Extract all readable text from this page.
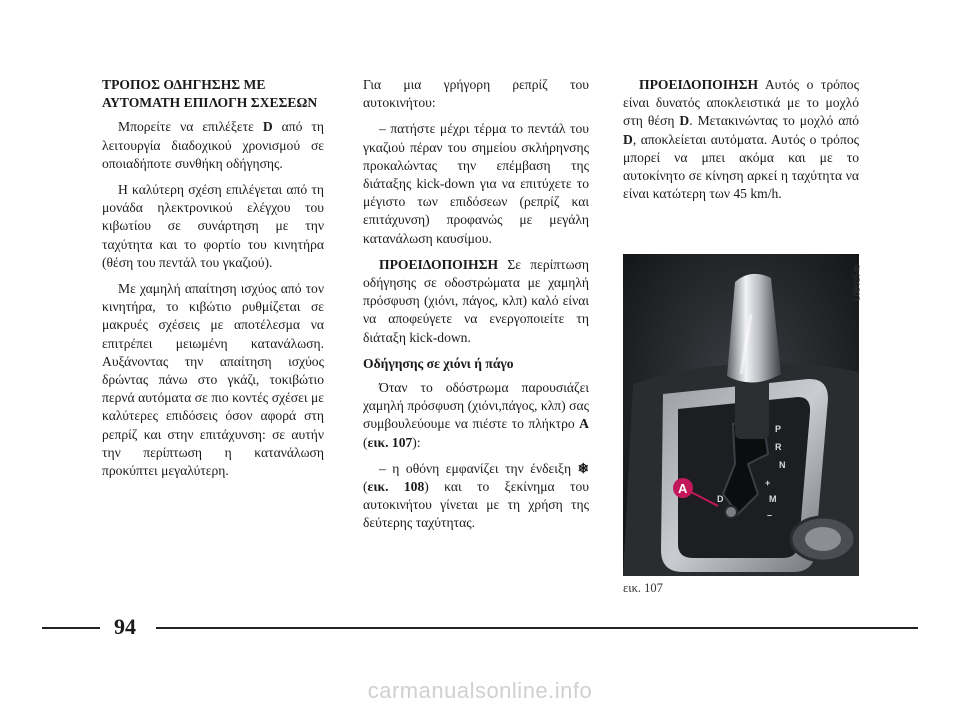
ΤΡΟΠΟΣ ΟΔΗΓΗΣΗΣ ΜΕ
ΑΥΤΟΜΑΤΗ ΕΠΙΛΟΓΗ ΣΧΕΣΕΩΝ

Μπορείτε να επιλέξετε D από τη λειτουργία διαδοχικού χρονισμού σε οποιαδήποτε συνθήκη οδήγησης.

Η καλύτερη σχέση επιλέγεται από τη μονάδα ηλεκτρονικού ελέγχου του κιβωτίου σε συνάρτηση με την ταχύτητα και το φορτίο του κινητήρα (θέση του πεντάλ του γκαζιού).

Με χαμηλή απαίτηση ισχύος από τον κινητήρα, το κιβώτιο ρυθμίζεται σε μακρυές σχέσεις με αποτέλεσμα να επιτρέπει μειωμένη κατανάλωση. Αυξάνοντας την απαίτηση ισχύος δρώντας πάνω στο γκάζι, τοκιβώτιο περνά αυτόματα σε πιο κοντές σχέσει με καλύτερες επιδόσεις όσον αφορά στη ρεπρίζ και στην επιτάχυνση: σε αυτήν την περίπτωση η κατανάλωση προκύπτει μεγαλύτερη.

Για μια γρήγορη ρεπρίζ του αυτοκινήτου:

– πατήστε μέχρι τέρμα το πεντάλ του γκαζιού πέραν του σημείου σκλήρηνσης προκαλώντας την επέμβαση της διάταξης kick-down για να επιτύχετε το μέγιστο των επιδόσεων (ρεπρίζ και επιτάχυνση) προφανώς με μεγάλη κατανάλωση καυσίμου.

ΠΡΟΕΙΔΟΠΟΙΗΣΗ Σε περίπτωση οδήγησης σε οδοστρώματα με χαμηλή πρόσφυση (χιόνι, πάγος, κλπ) καλό είναι να αποφεύγετε να ενεργοποιείτε τη διάταξη kick-down.

Οδήγησης σε χιόνι ή πάγο

Όταν το οδόστρωμα παρουσιάζει χαμηλή πρόσφυση (χιόνι,πάγος, κλπ) σας συμβουλεύουμε να πιέστε το πλήκτρο A (εικ. 107):

– η οθόνη εμφανίζει την ένδειξη ❄ (εικ. 108) και το ξεκίνημα του αυτοκινήτου γίνεται με τη χρήση της δεύτερης ταχύτητας.

ΠΡΟΕΙΔΟΠΟΙΗΣΗ Αυτός ο τρόπος είναι δυνατός αποκλειστικά με το μοχλό στη θέση D. Μετακινώντας το μοχλό από D, αποκλείεται αυτόματα. Αυτός ο τρόπος μπορεί να μπει ακόμα και με το αυτοκίνητο σε κίνηση αρκεί η ταχύτητα να είναι κατώτερη των 45 km/h.

P
R
N
D
+
M
–
A
L0B0254b
εικ. 107
94
carmanualsonline.info
